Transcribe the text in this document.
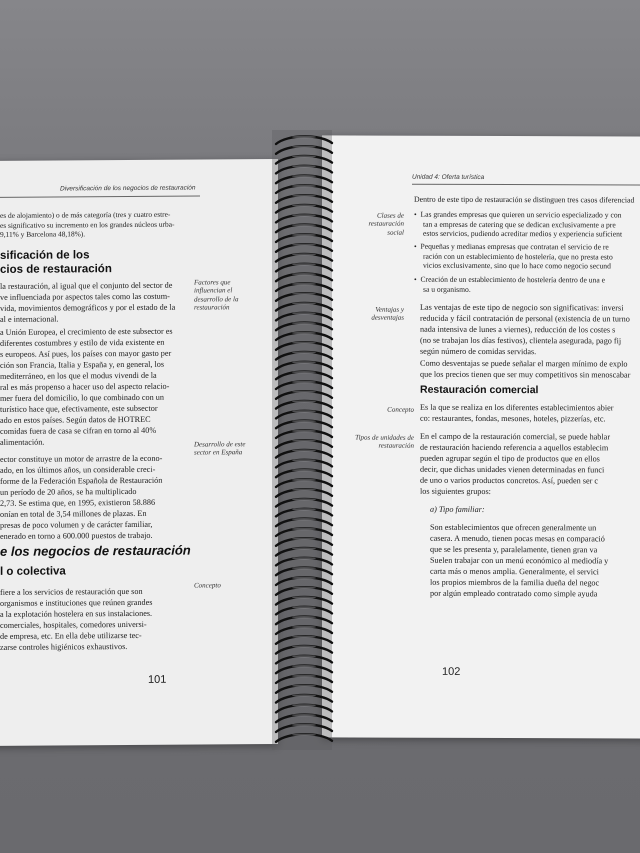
Diversificación de los negocios de restauración
es de alojamiento) o de más categoría (tres y cuatro estre-
es significativo su incremento en los grandes núcleos urba-
9,11% y Barcelona 48,18%).
sificación de los
cios de restauración
la restauración, al igual que el conjunto del sector de
ve influenciada por aspectos tales como las costum-
vida, movimientos demográficos y por el estado de la
al e internacional.
a Unión Europea, el crecimiento de este subsector es
diferentes costumbres y estilo de vida existente en
s europeos. Así pues, los países con mayor gasto per
ción son Francia, Italia y España y, en general, los
mediterráneo, en los que el modus vivendi de la
ral es más propenso a hacer uso del aspecto relacio-
mer fuera del domicilio, lo que combinado con un
turístico hace que, efectivamente, este subsector
ado en estos países. Según datos de HOTREC
comidas fuera de casa se cifran en torno al 40%
alimentación.
ector constituye un motor de arrastre de la econo-
ado, en los últimos años, un considerable creci-
forme de la Federación Española de Restauración
un período de 20 años, se ha multiplicado
2,73. Se estima que, en 1995, existieron 58.886
onían en total de 3,54 millones de plazas. En
presas de poco volumen y de carácter familiar,
enerado en torno a 600.000 puestos de trabajo.
e los negocios de restauración
l o colectiva
fiere a los servicios de restauración que son
organismos e instituciones que reúnen grandes
a la explotación hostelera en sus instalaciones.
comerciales, hospitales, comedores universi-
de empresa, etc. En ella debe utilizarse tec-
zarse controles higiénicos exhaustivos.
Factores que influencian el desarrollo de la restauración
Desarrollo de este sector en España
Concepto
101
Unidad 4: Oferta turística
Dentro de este tipo de restauración se distinguen tres casos diferenciad
Clases de restauración social
•  Las grandes empresas que quieren un servicio especializado y con
tan a empresas de catering que se dedican exclusivamente a pre
estos servicios, pudiendo acreditar medios y experiencia suficient
•  Pequeñas y medianas empresas que contratan el servicio de re
ración con un establecimiento de hostelería, que no presta esto
vicios exclusivamente, sino que lo hace como negocio secund
•  Creación de un establecimiento de hostelería dentro de una e
sa u organismo.
Ventajas y desventajas
Las ventajas de este tipo de negocio son significativas: inversi
reducida y fácil contratación de personal (existencia de un turno
nada intensiva de lunes a viernes), reducción de los costes s
(no se trabajan los días festivos), clientela asegurada, pago fij
según número de comidas servidas.
Como desventajas se puede señalar el margen mínimo de explo
que los precios tienen que ser muy competitivos sin menoscabar
Restauración comercial
Concepto Es la que se realiza en los diferentes establecimientos abier
co: restaurantes, fondas, mesones, hoteles, pizzerías, etc.
Tipos de unidades de restauración
En el campo de la restauración comercial, se puede hablar
de restauración haciendo referencia a aquellos establecim
pueden agrupar según el tipo de productos que en ellos
decir, que dichas unidades vienen determinadas en funci
de uno o varios productos concretos. Así, pueden ser c
los siguientes grupos:
a) Tipo familiar:
Son establecimientos que ofrecen generalmente un
casera. A menudo, tienen pocas mesas en comparació
que se les presenta y, paralelamente, tienen gran va
Suelen trabajar con un menú económico al mediodía y
carta más o menos amplia. Generalmente, el servici
los propios miembros de la familia dueña del negoc
por algún empleado contratado como simple ayuda
102
